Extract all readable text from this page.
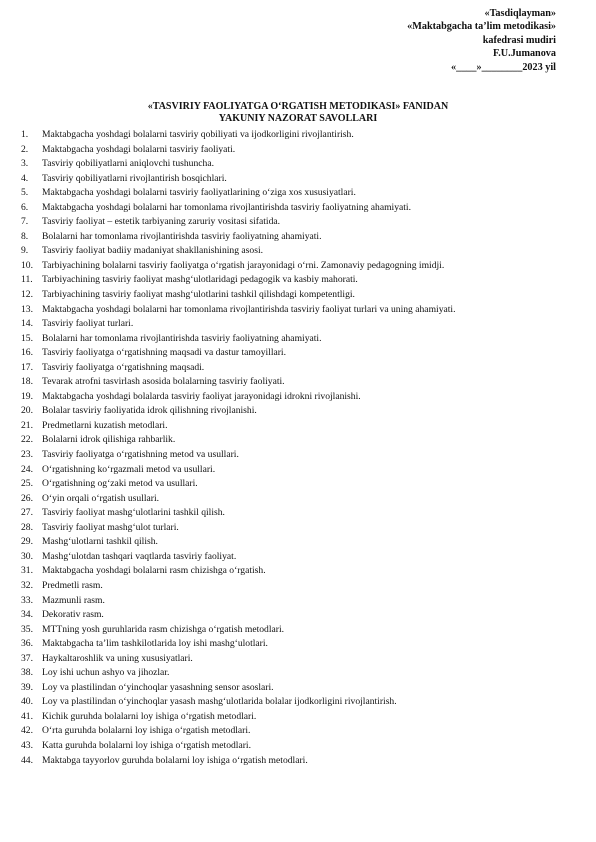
«Tasdiqlayman»
«Maktabgacha ta’lim metodikasi»
kafedrasi mudiri
F.U.Jumanova
«____»________2023 yil
«TASVIRIY FAOLIYATGA O‘RGATISH METODIKASI» FANIDAN
YAKUNIY NAZORAT SAVOLLARI
1.	Maktabgacha yoshdagi bolalarni tasviriy qobiliyati va ijodkorligini rivojlantirish.
2.	Maktabgacha yoshdagi bolalarni tasviriy faoliyati.
3.	Tasviriy qobiliyatlarni aniqlovchi tushuncha.
4.	Tasviriy qobiliyatlarni rivojlantirish bosqichlari.
5.	Maktabgacha yoshdagi bolalarni tasviriy faoliyatlarining o‘ziga xos xususiyatlari.
6.	Maktabgacha yoshdagi bolalarni har tomonlama rivojlantirishda tasviriy faoliyatning ahamiyati.
7.	Tasviriy faoliyat – estetik tarbiyaning zaruriy vositasi sifatida.
8.	Bolalarni har tomonlama rivojlantirishda tasviriy faoliyatning ahamiyati.
9.	Tasviriy faoliyat badiiy madaniyat shakllanishining asosi.
10. Tarbiyachining bolalarni tasviriy faoliyatga o‘rgatish jarayonidagi o‘rni. Zamonaviy pedagogning imidji.
11. Tarbiyachining tasviriy faoliyat mashg‘ulotlaridagi pedagogik va kasbiy mahorati.
12. Tarbiyachining tasviriy faoliyat mashg‘ulotlarini tashkil qilishdagi kompetentligi.
13. Maktabgacha yoshdagi bolalarni har tomonlama rivojlantirishda tasviriy faoliyat turlari va uning ahamiyati.
14. Tasviriy faoliyat turlari.
15. Bolalarni har tomonlama rivojlantirishda tasviriy faoliyatning ahamiyati.
16. Tasviriy faoliyatga o‘rgatishning maqsadi va dastur tamoyillari.
17. Tasviriy faoliyatga o‘rgatishning maqsadi.
18. Tevarak atrofni tasvirlash asosida bolalarning tasviriy faoliyati.
19. Maktabgacha yoshdagi bolalarda tasviriy faoliyat jarayonidagi idrokni rivojlanishi.
20. Bolalar tasviriy faoliyatida idrok qilishning rivojlanishi.
21. Predmetlarni kuzatish metodlari.
22. Bolalarni idrok qilishiga rahbarlik.
23. Tasviriy faoliyatga o‘rgatishning metod va usullari.
24. O‘rgatishning ko‘rgazmali metod va usullari.
25. O‘rgatishning og‘zaki metod va usullari.
26. O‘yin orqali o‘rgatish usullari.
27. Tasviriy faoliyat mashg‘ulotlarini tashkil qilish.
28. Tasviriy faoliyat mashg‘ulot turlari.
29. Mashg‘ulotlarni tashkil qilish.
30. Mashg‘ulotdan tashqari vaqtlarda tasviriy faoliyat.
31. Maktabgacha yoshdagi bolalarni rasm chizishga o‘rgatish.
32. Predmetli rasm.
33. Mazmunli rasm.
34. Dekorativ rasm.
35. MTTning yosh guruhlarida rasm chizishga o‘rgatish metodlari.
36. Maktabgacha ta’lim tashkilotlarida loy ishi mashg‘ulotlari.
37. Haykaltaroshlik va uning xususiyatlari.
38. Loy ishi uchun ashyo va jihozlar.
39. Loy va plastilindan o‘yinchoqlar yasashning sensor asoslari.
40. Loy va plastilindan o‘yinchoqlar yasash mashg‘ulotlarida bolalar ijodkorligini rivojlantirish.
41. Kichik guruhda bolalarni loy ishiga o‘rgatish metodlari.
42. O‘rta guruhda bolalarni loy ishiga o‘rgatish metodlari.
43. Katta guruhda bolalarni loy ishiga o‘rgatish metodlari.
44. Maktabga tayyorlov guruhda bolalarni loy ishiga o‘rgatish metodlari.
